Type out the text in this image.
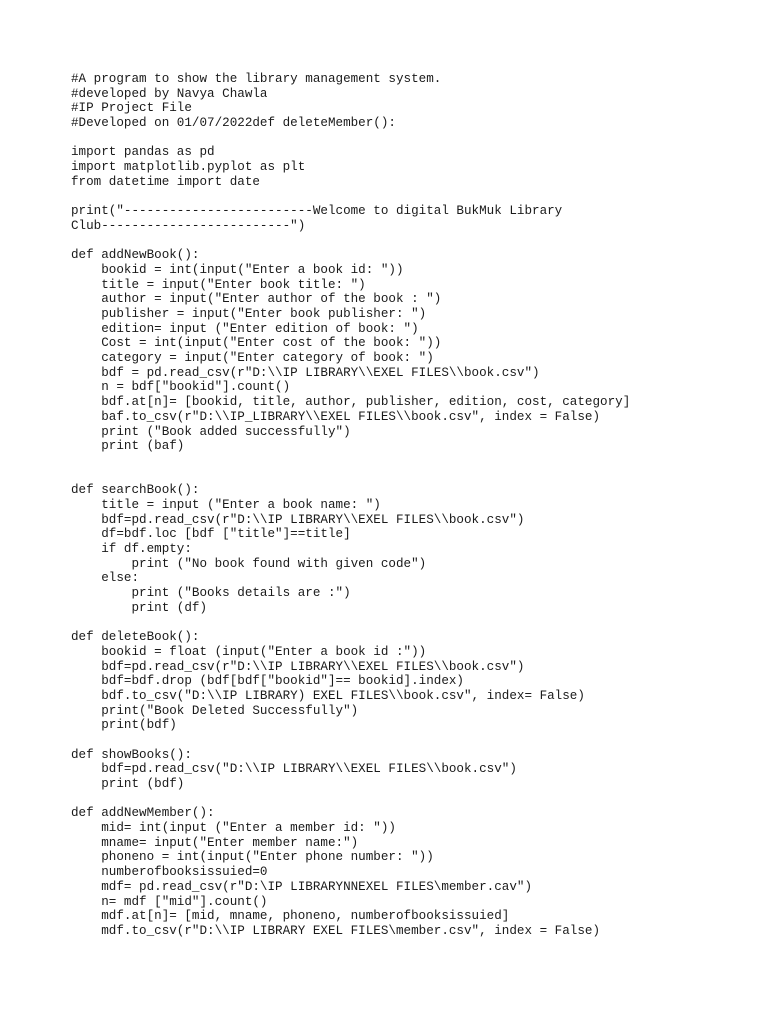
#A program to show the library management system.
#developed by Navya Chawla
#IP Project File
#Developed on 01/07/2022def deleteMember():
import pandas as pd
import matplotlib.pyplot as plt
from datetime import date
print("-------------------------Welcome to digital BukMuk Library
Club-------------------------")
def addNewBook():
bookid = int(input("Enter a book id: "))
title = input("Enter book title: ")
author = input("Enter author of the book : ")
publisher = input("Enter book publisher: ")
edition= input ("Enter edition of book: ")
Cost = int(input("Enter cost of the book: "))
category = input("Enter category of book: ")
bdf = pd.read_csv(r"D:\\IP LIBRARY\\EXEL FILES\\book.csv")
n = bdf["bookid"].count()
bdf.at[n]= [bookid, title, author, publisher, edition, cost, category]
baf.to_csv(r"D:\\IP_LIBRARY\\EXEL FILES\\book.csv", index = False)
print ("Book added successfully")
print (baf)
def searchBook():
title = input ("Enter a book name: ")
bdf=pd.read_csv(r"D:\\IP LIBRARY\\EXEL FILES\\book.csv")
df=bdf.loc [bdf ["title"]==title]
if df.empty:
print ("No book found with given code")
else:
print ("Books details are :")
print (df)
def deleteBook():
bookid = float (input("Enter a book id :"))
bdf=pd.read_csv(r"D:\\IP LIBRARY\\EXEL FILES\\book.csv")
bdf=bdf.drop (bdf[bdf["bookid"]== bookid].index)
bdf.to_csv("D:\\IP LIBRARY) EXEL FILES\\book.csv", index= False)
print("Book Deleted Successfully")
print(bdf)
def showBooks():
bdf=pd.read_csv("D:\\IP LIBRARY\\EXEL FILES\\book.csv")
print (bdf)
def addNewMember():
mid= int(input ("Enter a member id: "))
mname= input("Enter member name:")
phoneno = int(input("Enter phone number: "))
numberofbooksissuied=0
mdf= pd.read_csv(r"D:\IP LIBRARYNNEXEL FILES\member.cav")
n= mdf ["mid"].count()
mdf.at[n]= [mid, mname, phoneno, numberofbooksissuied]
mdf.to_csv(r"D:\\IP LIBRARY EXEL FILES\member.csv", index = False)
